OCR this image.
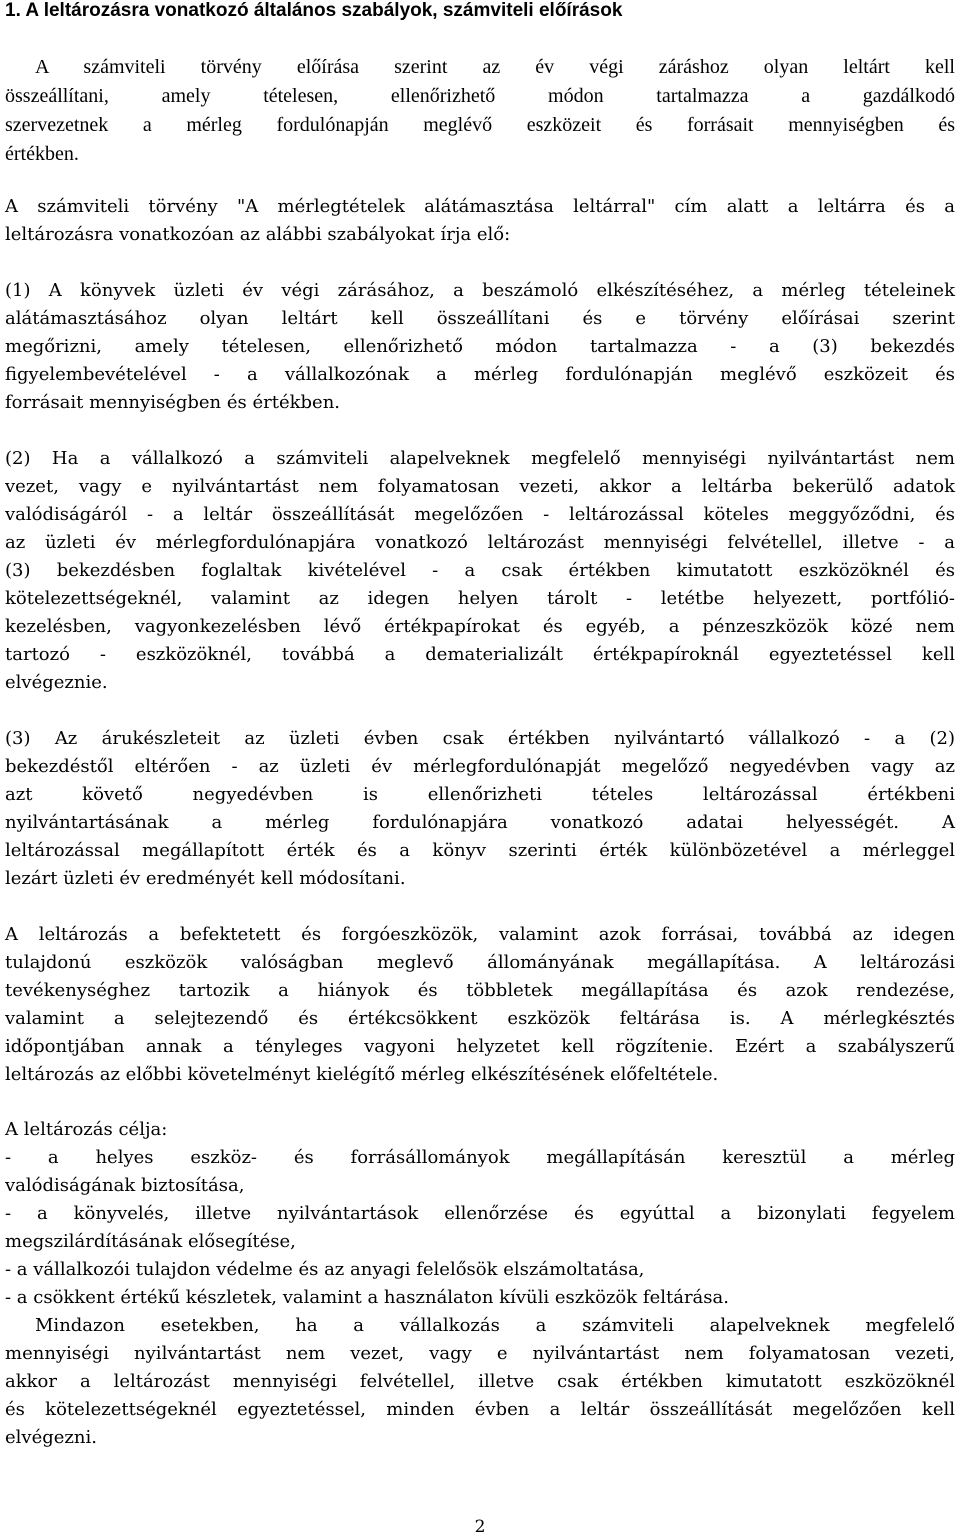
1. A leltározásra vonatkozó általános szabályok, számviteli előírások
A számviteli törvény előírása szerint az év végi záráshoz olyan leltárt kell
összeállítani, amely tételesen, ellenőrizhető módon tartalmazza a gazdálkodó
szervezetnek a mérleg fordulónapján meglévő eszközeit és forrásait mennyiségben és
értékben.
A számviteli törvény "A mérlegtételek alátámasztása leltárral" cím alatt a leltárra és a
leltározásra vonatkozóan az alábbi szabályokat írja elő:
(1) A könyvek üzleti év végi zárásához, a beszámoló elkészítéséhez, a mérleg tételeinek
alátámasztásához olyan leltárt kell összeállítani és e törvény előírásai szerint
megőrizni, amely tételesen, ellenőrizhető módon tartalmazza - a (3) bekezdés
figyelembevételével - a vállalkozónak a mérleg fordulónapján meglévő eszközeit és
forrásait mennyiségben és értékben.
(2) Ha a vállalkozó a számviteli alapelveknek megfelelő mennyiségi nyilvántartást nem
vezet, vagy e nyilvántartást nem folyamatosan vezeti, akkor a leltárba bekerülő adatok
valódiságáról - a leltár összeállítását megelőzően - leltározással köteles meggyőződni, és
az üzleti év mérlegfordulónapjára vonatkozó leltározást mennyiségi felvétellel, illetve - a
(3) bekezdésben foglaltak kivételével - a csak értékben kimutatott eszközöknél és
kötelezettségeknél, valamint az idegen helyen tárolt - letétbe helyezett, portfólió-
kezelésben, vagyonkezelésben lévő értékpapírokat és egyéb, a pénzeszközök közé nem
tartozó - eszközöknél, továbbá a dematerializált értékpapíroknál egyeztetéssel kell
elvégeznie.
(3) Az árukészleteit az üzleti évben csak értékben nyilvántartó vállalkozó - a (2)
bekezdéstől eltérően - az üzleti év mérlegfordulónapját megelőző negyedévben vagy az
azt követő negyedévben is ellenőrizheti tételes leltározással értékbeni
nyilvántartásának a mérleg fordulónapjára vonatkozó adatai helyességét. A
leltározással megállapított érték és a könyv szerinti érték különbözetével a mérleggel
lezárt üzleti év eredményét kell módosítani.
A leltározás a befektetett és forgóeszközök, valamint azok forrásai, továbbá az idegen
tulajdonú eszközök valóságban meglevő állományának megállapítása. A leltározási
tevékenységhez tartozik a hiányok és többletek megállapítása és azok rendezése,
valamint a selejtezendő és értékcsökkent eszközök feltárása is. A mérlegkésztés
időpontjában annak a tényleges vagyoni helyzetet kell rögzítenie. Ezért a szabályszerű
leltározás az előbbi követelményt kielégítő mérleg elkészítésének előfeltétele.
A leltározás célja:
- a helyes eszköz- és forrásállományok megállapításán keresztül a mérleg
valódiságának biztosítása,
- a könyvelés, illetve nyilvántartások ellenőrzése és egyúttal a bizonylati fegyelem
megszilárdításának elősegítése,
- a vállalkozói tulajdon védelme és az anyagi felelősök elszámoltatása,
- a csökkent értékű készletek, valamint a használaton kívüli eszközök feltárása.
Mindazon esetekben, ha a vállalkozás a számviteli alapelveknek megfelelő
mennyiségi nyilvántartást nem vezet, vagy e nyilvántartást nem folyamatosan vezeti,
akkor a leltározást mennyiségi felvétellel, illetve csak értékben kimutatott eszközöknél
és kötelezettségeknél egyeztetéssel, minden évben a leltár összeállítását megelőzően kell
elvégezni.
2
